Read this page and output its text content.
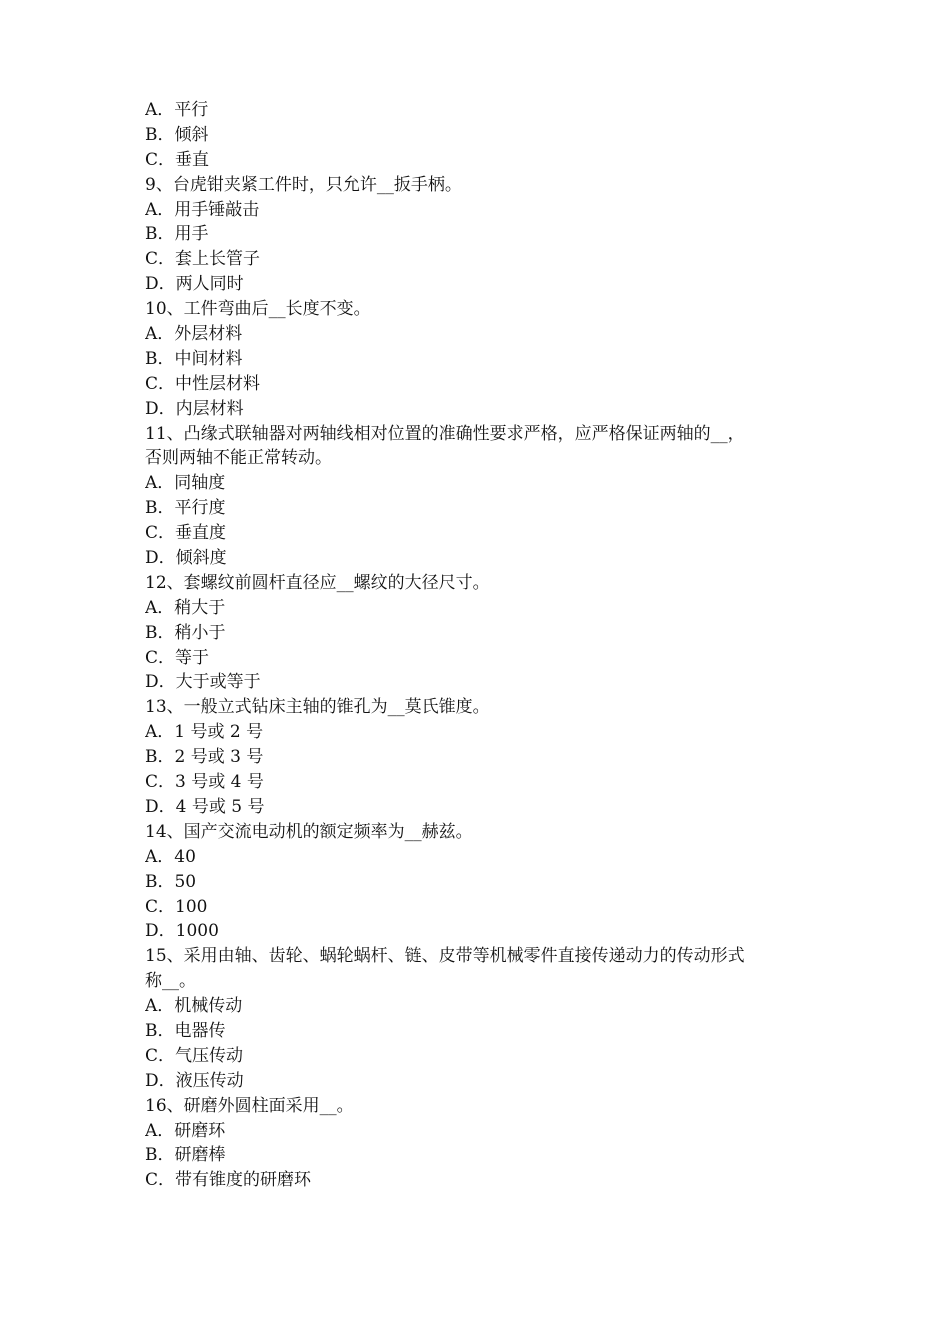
A．平行
B．倾斜
C．垂直
9、台虎钳夹紧工件时，只允许__扳手柄。
A．用手锤敲击
B．用手
C．套上长管子
D．两人同时
10、工件弯曲后__长度不变。
A．外层材料
B．中间材料
C．中性层材料
D．内层材料
11、凸缘式联轴器对两轴线相对位置的准确性要求严格，应严格保证两轴的__，
否则两轴不能正常转动。
A．同轴度
B．平行度
C．垂直度
D．倾斜度
12、套螺纹前圆杆直径应__螺纹的大径尺寸。
A．稍大于
B．稍小于
C．等于
D．大于或等于
13、一般立式钻床主轴的锥孔为__莫氏锥度。
A．1 号或 2 号
B．2 号或 3 号
C．3 号或 4 号
D．4 号或 5 号
14、国产交流电动机的额定频率为__赫兹。
A．40
B．50
C．100
D．1000
15、采用由轴、齿轮、蜗轮蜗杆、链、皮带等机械零件直接传递动力的传动形式
称__。
A．机械传动
B．电器传
C．气压传动
D．液压传动
16、研磨外圆柱面采用__。
A．研磨环
B．研磨棒
C．带有锥度的研磨环
